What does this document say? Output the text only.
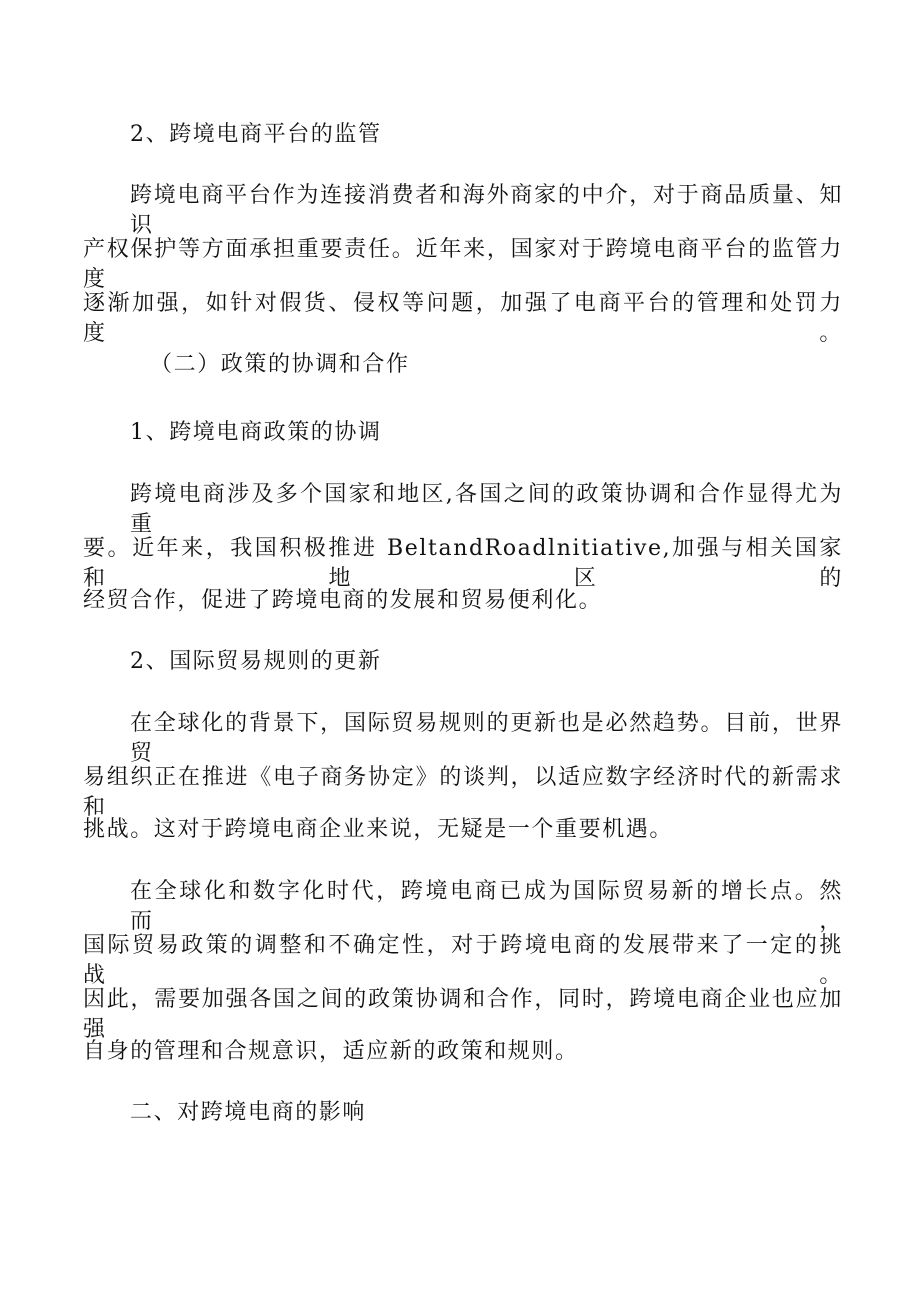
2、跨境电商平台的监管
跨境电商平台作为连接消费者和海外商家的中介，对于商品质量、知识
产权保护等方面承担重要责任。近年来，国家对于跨境电商平台的监管力度
逐渐加强，如针对假货、侵权等问题，加强了电商平台的管理和处罚力度。
（二）政策的协调和合作
1、跨境电商政策的协调
跨境电商涉及多个国家和地区,各国之间的政策协调和合作显得尤为重
要。近年来，我国积极推进 BeltandRoadlnitiative,加强与相关国家和地区的
经贸合作，促进了跨境电商的发展和贸易便利化。
2、国际贸易规则的更新
在全球化的背景下，国际贸易规则的更新也是必然趋势。目前，世界贸
易组织正在推进《电子商务协定》的谈判，以适应数字经济时代的新需求和
挑战。这对于跨境电商企业来说，无疑是一个重要机遇。
在全球化和数字化时代，跨境电商已成为国际贸易新的增长点。然而，
国际贸易政策的调整和不确定性，对于跨境电商的发展带来了一定的挑战。
因此，需要加强各国之间的政策协调和合作，同时，跨境电商企业也应加强
自身的管理和合规意识，适应新的政策和规则。
二、对跨境电商的影响
